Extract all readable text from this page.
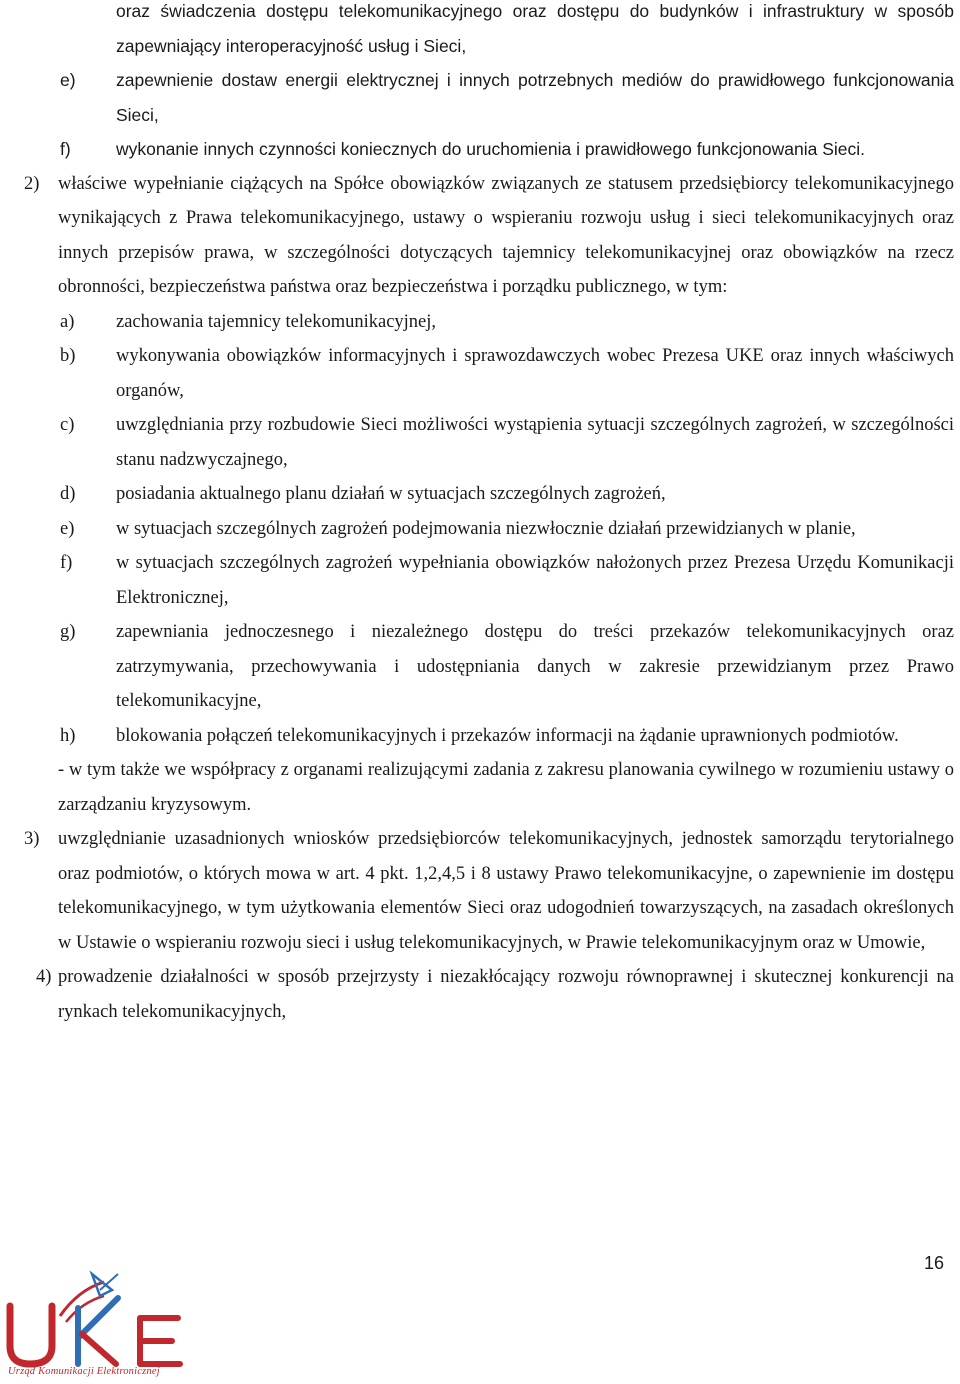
oraz świadczenia dostępu telekomunikacyjnego oraz dostępu do budynków i infrastruktury w sposób zapewniający interoperacyjność usług i Sieci,
e)	zapewnienie dostaw energii elektrycznej i innych potrzebnych mediów do prawidłowego funkcjonowania Sieci,
f)	wykonanie innych czynności koniecznych do uruchomienia i prawidłowego funkcjonowania Sieci.
2)	właściwe wypełnianie ciążących na Spółce obowiązków związanych ze statusem przedsiębiorcy telekomunikacyjnego wynikających z Prawa telekomunikacyjnego, ustawy o wspieraniu rozwoju usług i sieci telekomunikacyjnych oraz innych przepisów prawa, w szczególności dotyczących tajemnicy telekomunikacyjnej oraz obowiązków na rzecz obronności, bezpieczeństwa państwa oraz bezpieczeństwa i porządku publicznego, w tym:
a)	zachowania tajemnicy telekomunikacyjnej,
b)	wykonywania obowiązków informacyjnych i sprawozdawczych wobec Prezesa UKE oraz innych właściwych organów,
c)	uwzględniania przy rozbudowie Sieci możliwości wystąpienia sytuacji szczególnych zagrożeń, w szczególności stanu nadzwyczajnego,
d)	posiadania aktualnego planu działań w sytuacjach szczególnych zagrożeń,
e)	w sytuacjach szczególnych zagrożeń podejmowania niezwłocznie działań przewidzianych w planie,
f)	w sytuacjach szczególnych zagrożeń wypełniania obowiązków nałożonych przez Prezesa Urzędu Komunikacji Elektronicznej,
g)	zapewniania jednoczesnego i niezależnego dostępu do treści przekazów telekomunikacyjnych oraz zatrzymywania, przechowywania i udostępniania danych w zakresie przewidzianym przez Prawo telekomunikacyjne,
h)	blokowania połączeń telekomunikacyjnych i przekazów informacji na żądanie uprawnionych podmiotów.
- w tym także we współpracy z organami realizującymi zadania z zakresu planowania cywilnego w rozumieniu ustawy o zarządzaniu kryzysowym.
3)	uwzględnianie uzasadnionych wniosków przedsiębiorców telekomunikacyjnych, jednostek samorządu terytorialnego oraz podmiotów, o których mowa w art. 4 pkt. 1,2,4,5 i 8 ustawy Prawo telekomunikacyjne, o zapewnienie im dostępu telekomunikacyjnego, w tym użytkowania elementów Sieci oraz udogodnień towarzyszących, na zasadach określonych w Ustawie o wspieraniu rozwoju sieci i usług telekomunikacyjnych, w Prawie telekomunikacyjnym oraz w Umowie,
4) prowadzenie działalności w sposób przejrzysty i niezakłócający rozwoju równoprawnej i skutecznej konkurencji na rynkach telekomunikacyjnych,
16
Urząd Komunikacji Elektronicznej
